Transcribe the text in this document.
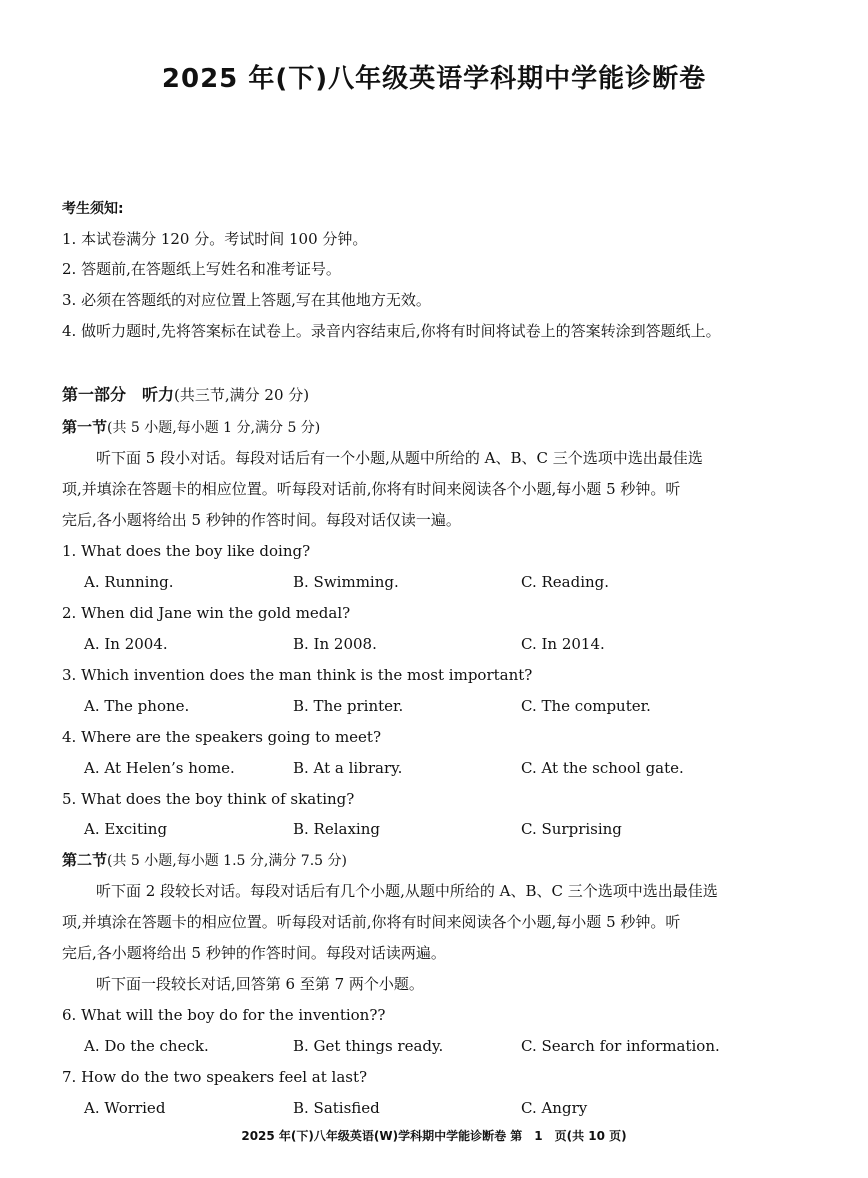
2025 年(下)八年级英语学科期中学能诊断卷
考生须知:
1. 本试卷满分 120 分。考试时间 100 分钟。
2. 答题前,在答题纸上写姓名和准考证号。
3. 必须在答题纸的对应位置上答题,写在其他地方无效。
4. 做听力题时,先将答案标在试卷上。录音内容结束后,你将有时间将试卷上的答案转涂到答题纸上。
第一部分　听力(共三节,满分 20 分)
第一节(共 5 小题,每小题 1 分,满分 5 分)
听下面 5 段小对话。每段对话后有一个小题,从题中所给的 A、B、C 三个选项中选出最佳选
项,并填涂在答题卡的相应位置。听每段对话前,你将有时间来阅读各个小题,每小题 5 秒钟。听
完后,各小题将给出 5 秒钟的作答时间。每段对话仅读一遍。
1. What does the boy like doing?
A. Running.	B. Swimming.	C. Reading.
2. When did Jane win the gold medal?
A. In 2004.	B. In 2008.	C. In 2014.
3. Which invention does the man think is the most important?
A. The phone.	B. The printer.	C. The computer.
4. Where are the speakers going to meet?
A. At Helen’s home.	B. At a library.	C. At the school gate.
5. What does the boy think of skating?
A. Exciting	B. Relaxing	C. Surprising
第二节(共 5 小题,每小题 1.5 分,满分 7.5 分)
听下面 2 段较长对话。每段对话后有几个小题,从题中所给的 A、B、C 三个选项中选出最佳选
项,并填涂在答题卡的相应位置。听每段对话前,你将有时间来阅读各个小题,每小题 5 秒钟。听
完后,各小题将给出 5 秒钟的作答时间。每段对话读两遍。
听下面一段较长对话,回答第 6 至第 7 两个小题。
6. What will the boy do for the invention??
A. Do the check.	B. Get things ready.	C. Search for information.
7. How do the two speakers feel at last?
A. Worried	B. Satisfied	C. Angry
2025 年(下)八年级英语(W)学科期中学能诊断卷 第　1　页(共 10 页)
